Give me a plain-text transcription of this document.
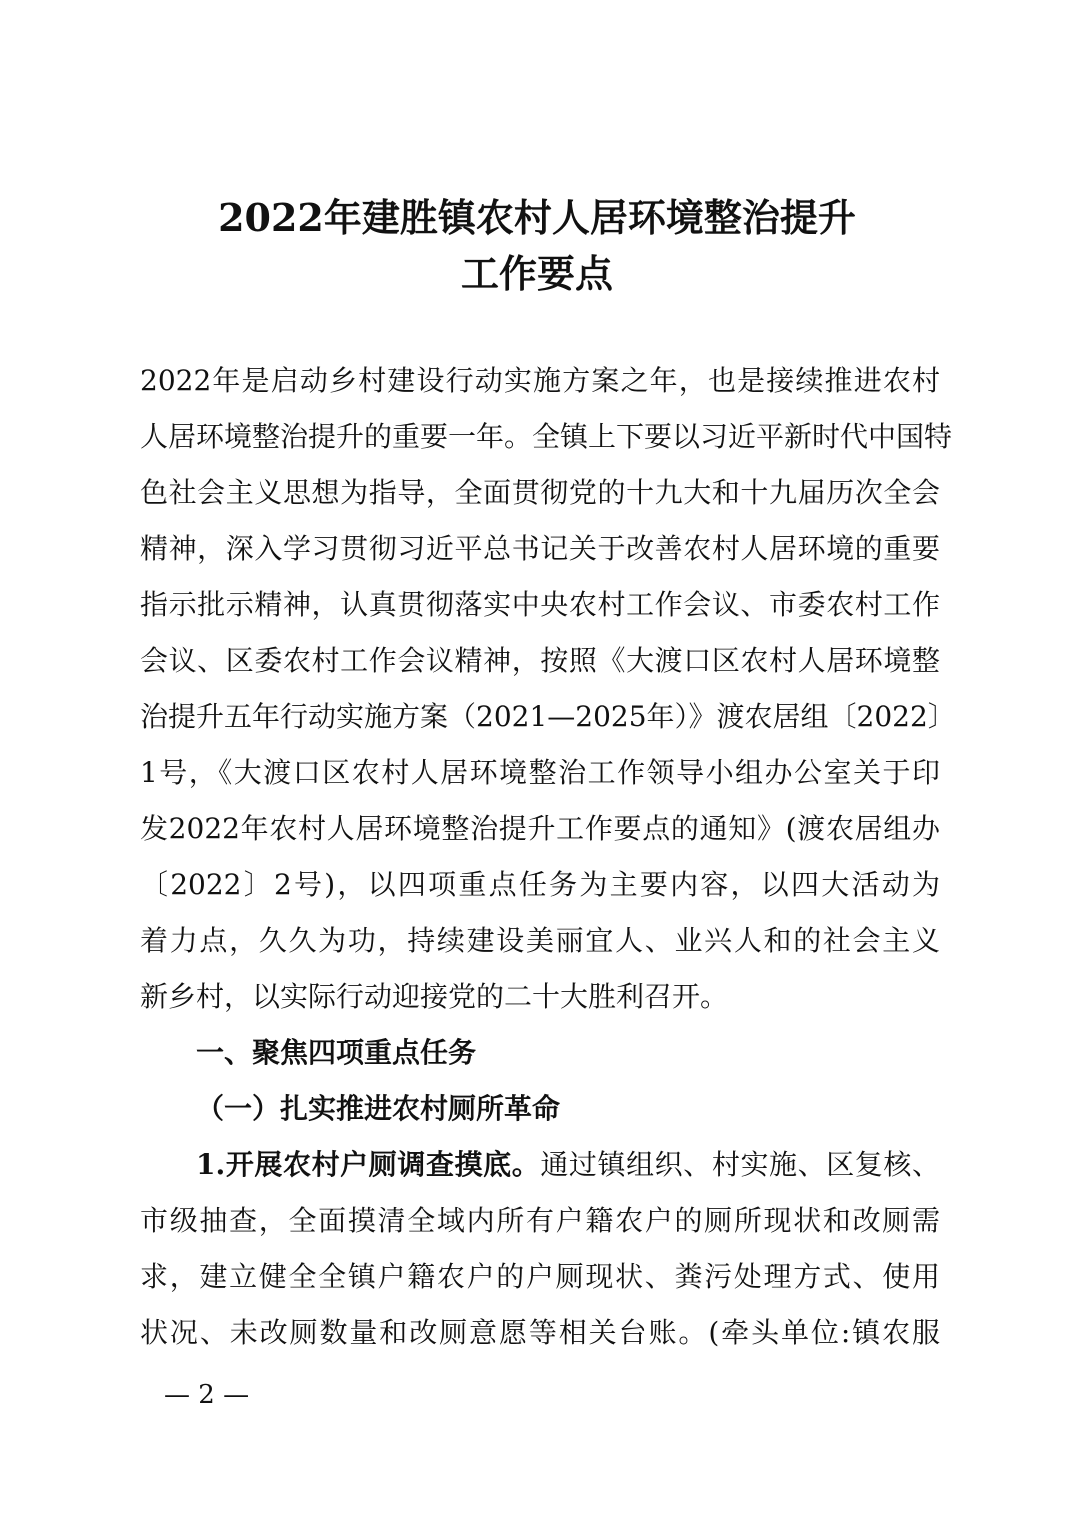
2022年建胜镇农村人居环境整治提升
工作要点

2022年是启动乡村建设行动实施方案之年，也是接续推进农村

人居环境整治提升的重要一年。全镇上下要以习近平新时代中国特

色社会主义思想为指导，全面贯彻党的十九大和十九届历次全会

精神，深入学习贯彻习近平总书记关于改善农村人居环境的重要

指示批示精神，认真贯彻落实中央农村工作会议、市委农村工作

会议、区委农村工作会议精神，按照《大渡口区农村人居环境整

治提升五年行动实施方案（2021—2025年）》渡农居组〔2022〕

1号，《大渡口区农村人居环境整治工作领导小组办公室关于印

发2022年农村人居环境整治提升工作要点的通知》(渡农居组办

〔2022〕2号)，以四项重点任务为主要内容，以四大活动为

着力点，久久为功，持续建设美丽宜人、业兴人和的社会主义

新乡村，以实际行动迎接党的二十大胜利召开。

一、聚焦四项重点任务
（一）扎实推进农村厕所革命

1.开展农村户厕调查摸底。通过镇组织、村实施、区复核、

市级抽查，全面摸清全域内所有户籍农户的厕所现状和改厕需

求，建立健全全镇户籍农户的户厕现状、粪污处理方式、使用

状况、未改厕数量和改厕意愿等相关台账。(牵头单位:镇农服

— 2 —
